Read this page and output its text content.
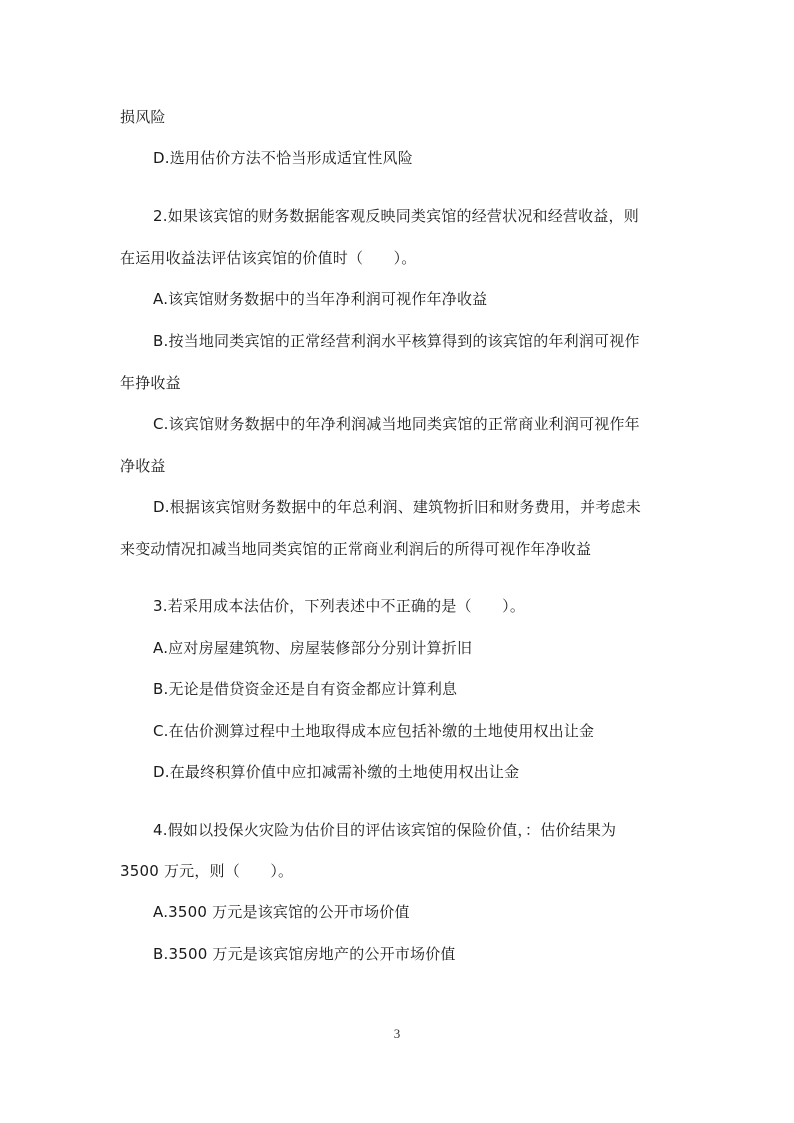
损风险
D.选用估价方法不恰当形成适宜性风险
2.如果该宾馆的财务数据能客观反映同类宾馆的经营状况和经营收益，则
在运用收益法评估该宾馆的价值时（　　）。
A.该宾馆财务数据中的当年净利润可视作年净收益
B.按当地同类宾馆的正常经营利润水平核算得到的该宾馆的年利润可视作
年挣收益
C.该宾馆财务数据中的年净利润减当地同类宾馆的正常商业利润可视作年
净收益
D.根据该宾馆财务数据中的年总利润、建筑物折旧和财务费用，并考虑未
来变动情况扣减当地同类宾馆的正常商业利润后的所得可视作年净收益
3.若采用成本法估价，下列表述中不正确的是（　　）。
A.应对房屋建筑物、房屋装修部分分别计算折旧
B.无论是借贷资金还是自有资金都应计算利息
C.在估价测算过程中土地取得成本应包括补缴的土地使用权出让金
D.在最终积算价值中应扣减需补缴的土地使用权出让金
4.假如以投保火灾险为估价目的评估该宾馆的保险价值，：估价结果为
3500 万元，则（　　）。
A.3500 万元是该宾馆的公开市场价值
B.3500 万元是该宾馆房地产的公开市场价值
3
